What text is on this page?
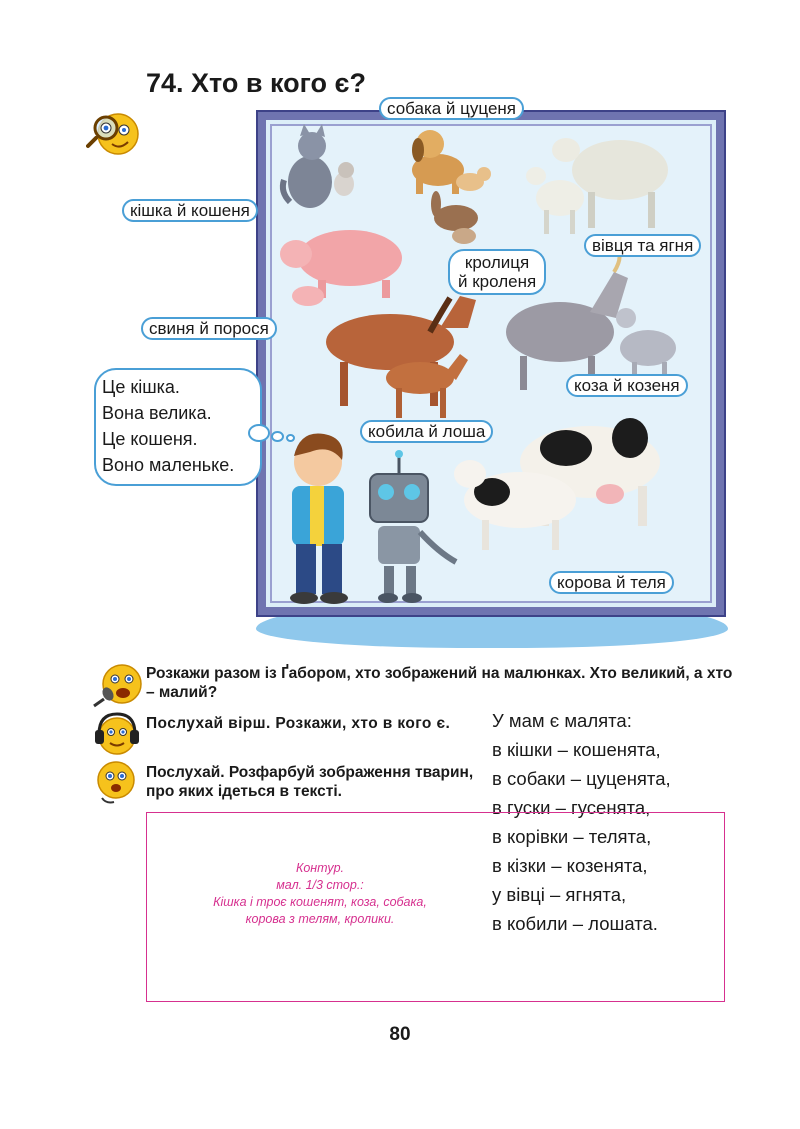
74. Хто в кого є?
собака й цуценя
кішка й кошеня
вівця та ягня
кролиця
й кроленя
свиня й порося
коза й козеня
кобила й лоша
корова й теля
Це кішка.
Вона велика.
Це кошеня.
Воно маленьке.
Розкажи разом із Ґабором, хто зображений на малюнках. Хто великий, а хто – малий?
Послухай вірш. Розкажи, хто в кого є.
Послухай. Розфарбуй зображення тварин, про яких ідеться в тексті.
У мам є малята:
в кішки – кошенята,
в собаки – цуценята,
в гуски – гусенята,
в корівки – телята,
в кізки – козенята,
у вівці – ягнята,
в кобили – лошата.
Контур.
мал. 1/3 стор.:
Кішка і троє кошенят, коза, собака,
корова з телям, кролики.
80
